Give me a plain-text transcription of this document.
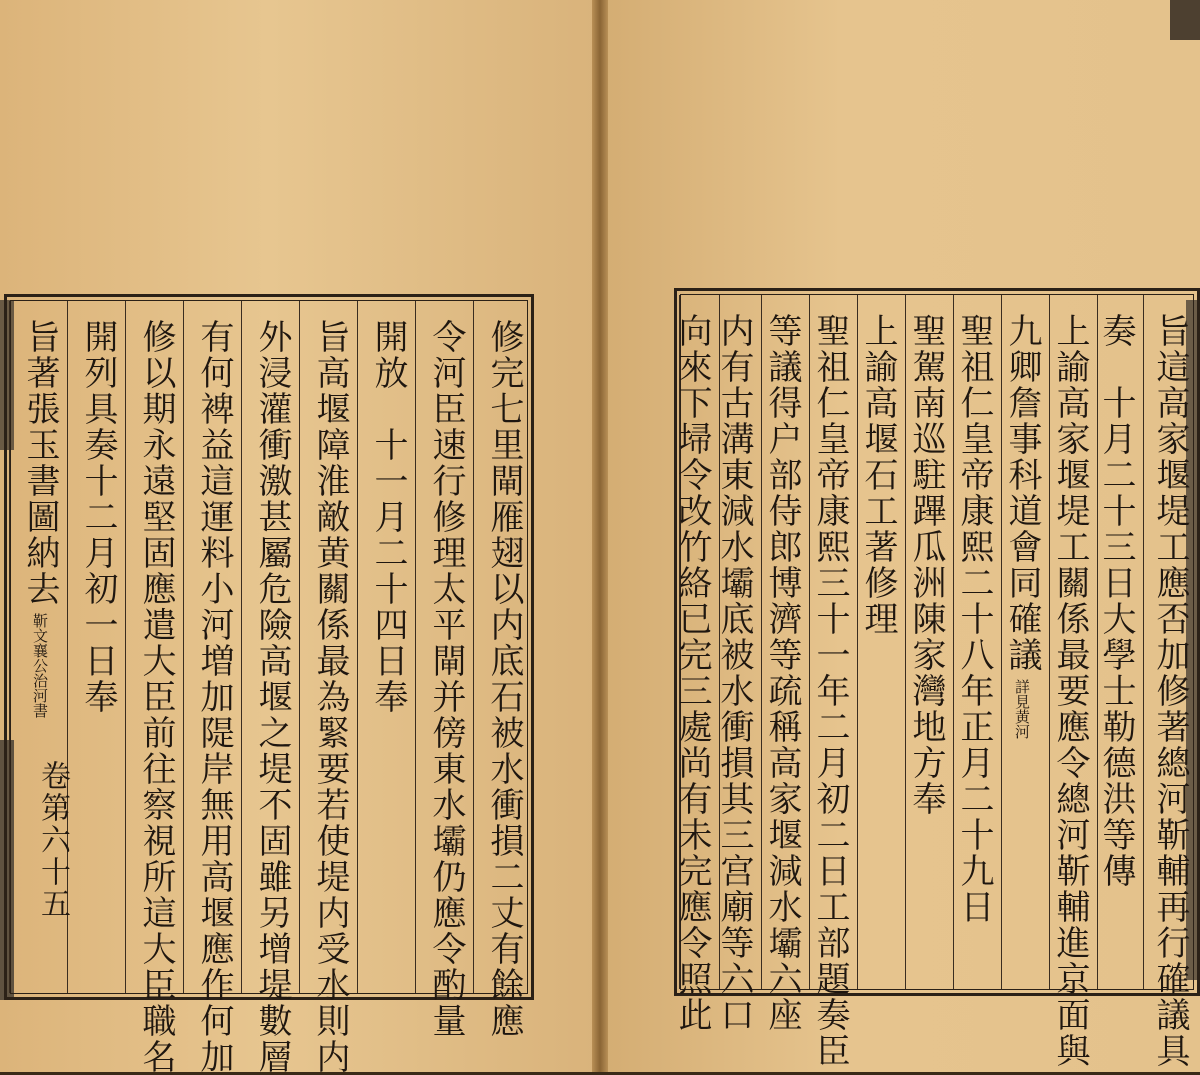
修完七里閘雁翅以内底石被水衝損二丈有餘應
令河臣速行修理太平閘并傍東水壩仍應令酌量
開放　十一月二十四日奉
旨高堰障淮敵黄關係最為緊要若使堤内受水則内
外浸灌衝激甚屬危險高堰之堤不固雖另增堤數層
有何裨益這運料小河増加隄岸無用高堰應作何加
修以期永遠堅固應遣大臣前往察視所這大臣職名
開列具奏十二月初一日奉
旨著張玉書圖納去靳文襄公治河書
卷第六十五	旨這高家堰堤工應否加修著總河靳輔再行確議具
奏　十月二十三日大學士勒德洪等傳
上諭高家堰堤工關係最要應令總河靳輔進京面與
九卿詹事科道會同確議詳見黄河
聖祖仁皇帝康熙二十八年正月二十九日
聖駕南巡駐蹕瓜洲陳家灣地方奉
上諭高堰石工著修理
聖祖仁皇帝康熙三十一年二月初二日工部題奏臣
等議得户部侍郎博濟等疏稱高家堰減水壩六座
内有古溝東減水壩底被水衝損其三宫廟等六口
向來下埽令改竹絡已完三處尚有未完應令照此
